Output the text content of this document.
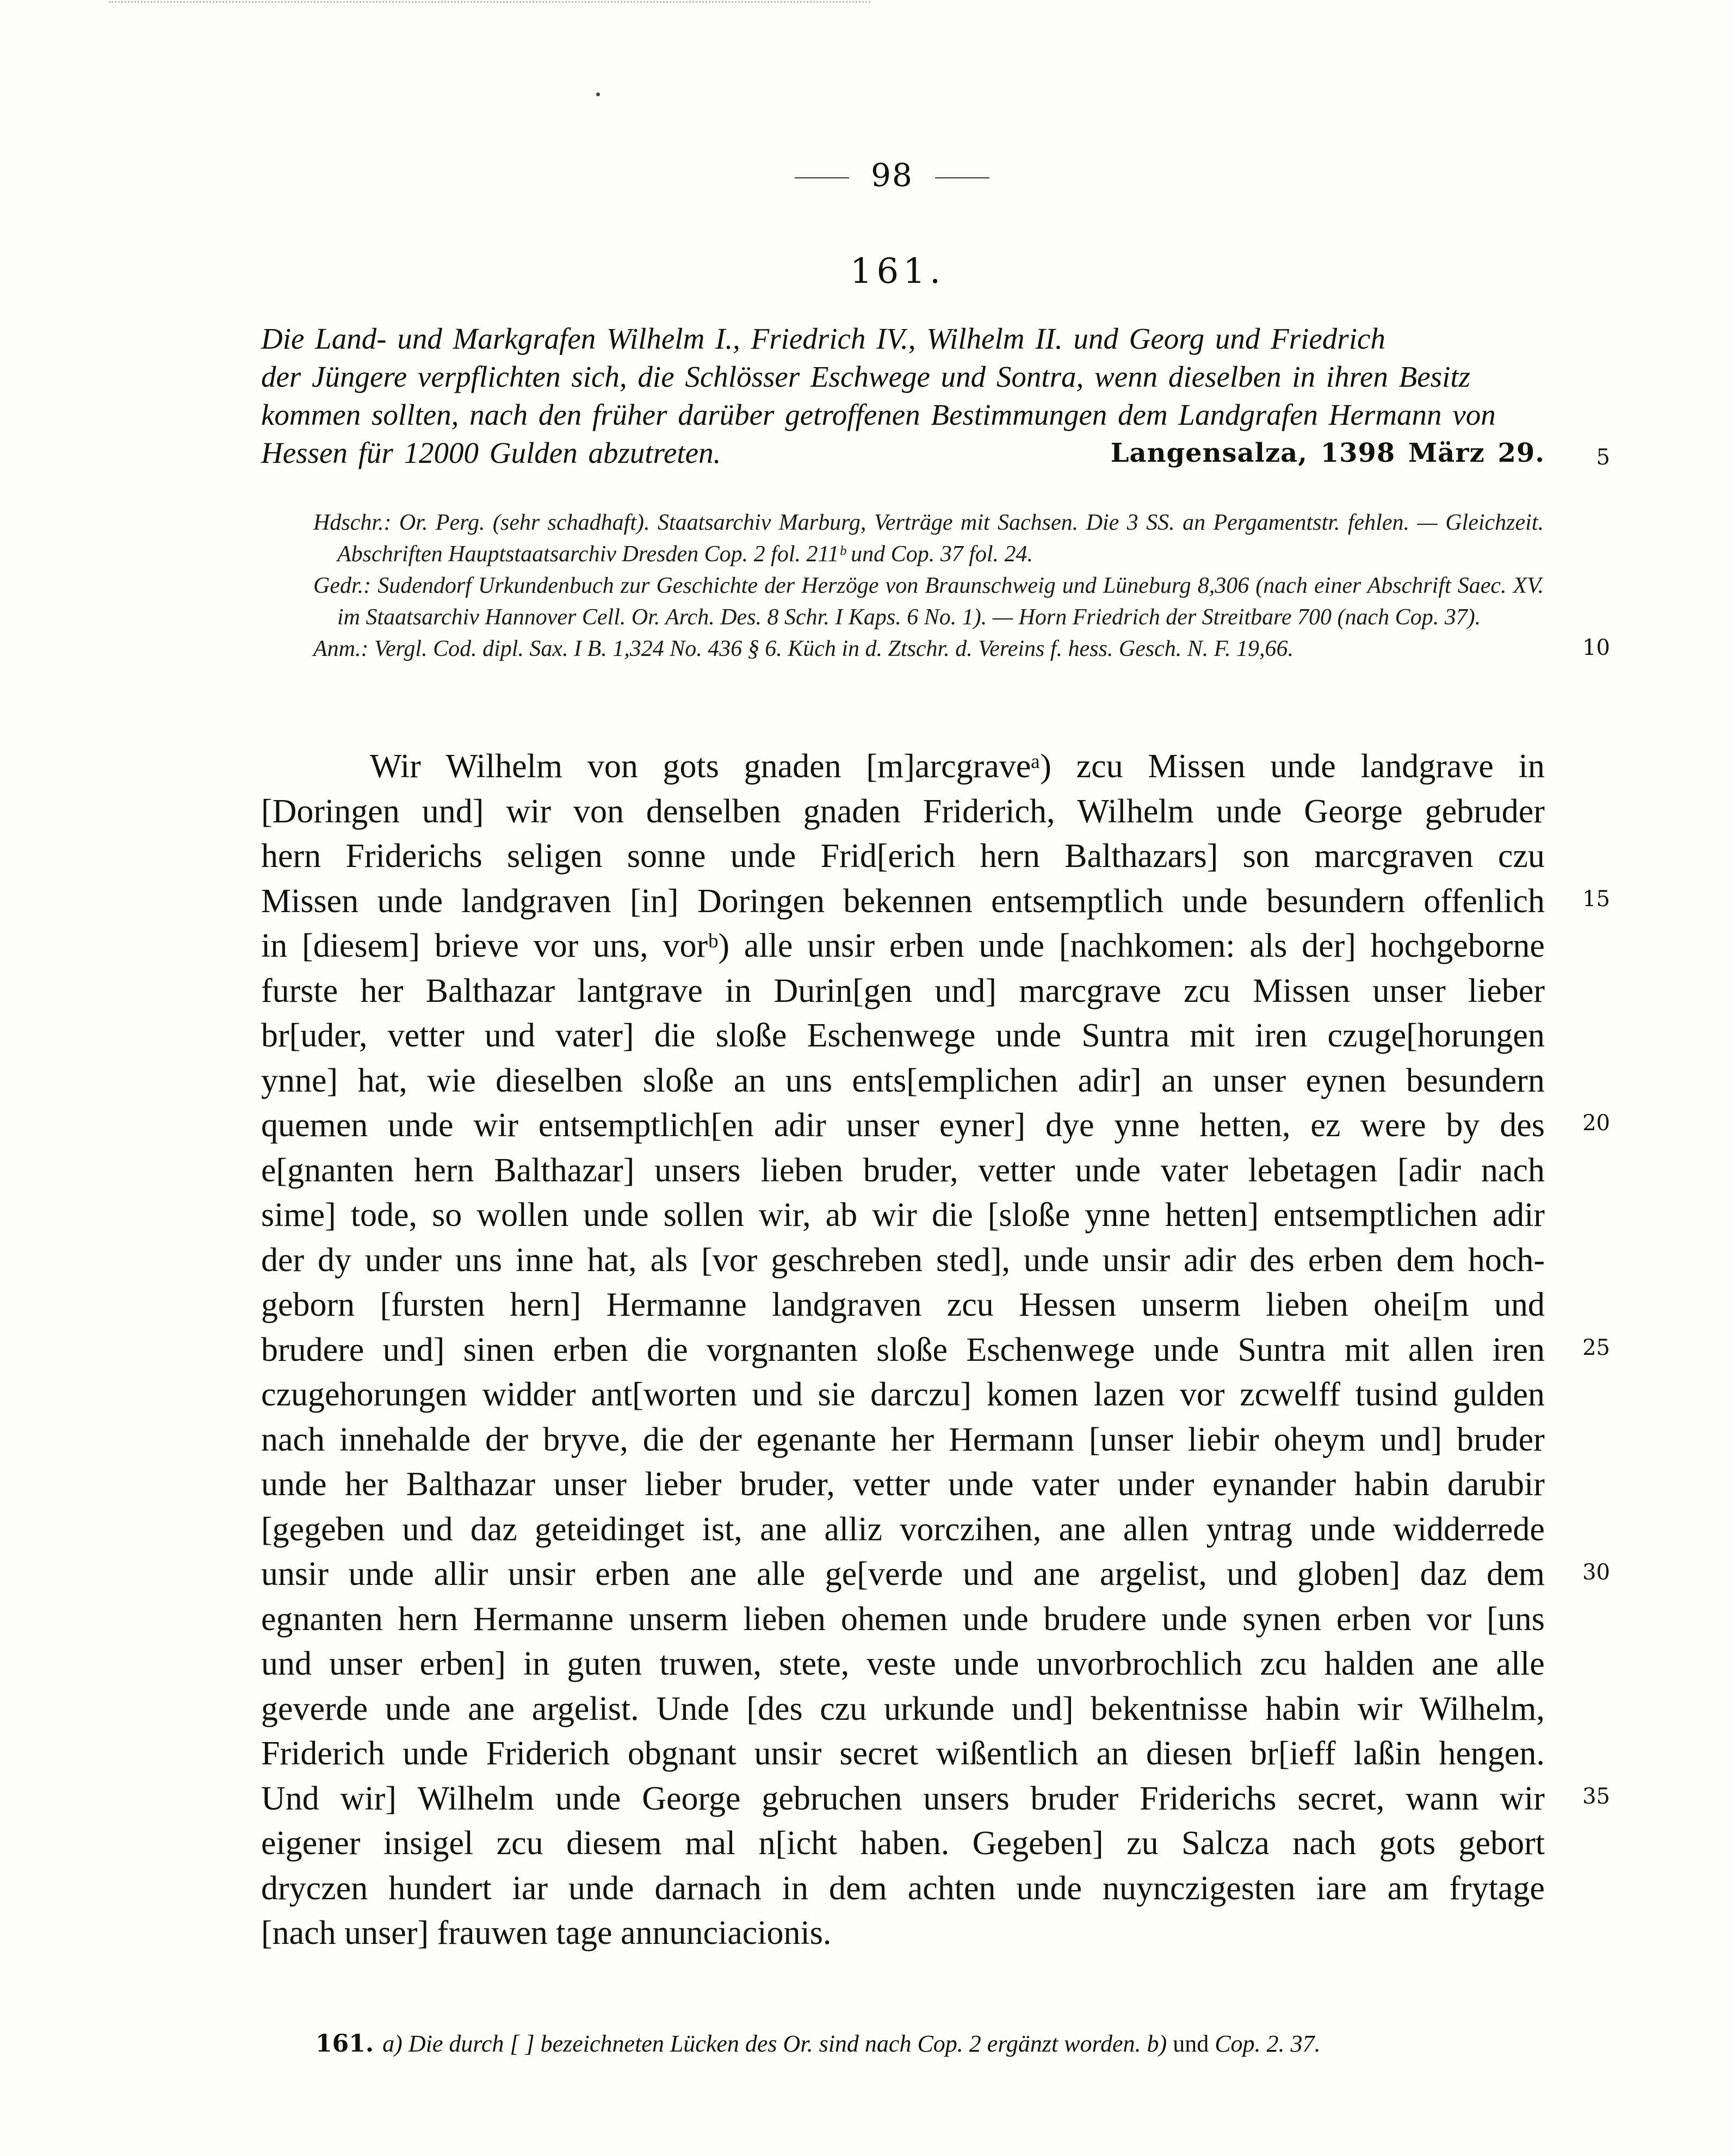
98
161.
Die Land- und Markgrafen Wilhelm I., Friedrich IV., Wilhelm II. und Georg und Friedrich
der Jüngere verpflichten sich, die Schlösser Eschwege und Sontra, wenn dieselben in ihren Besitz
kommen sollten, nach den früher darüber getroffenen Bestimmungen dem Landgrafen Hermann von
Hessen für 12000 Gulden abzutreten.	Langensalza, 1398 März 29.	5
Hdschr.: Or. Perg. (sehr schadhaft). Staatsarchiv Marburg, Verträge mit Sachsen. Die 3 SS. an Pergamentstr. fehlen. — Gleichzeit. Abschriften Hauptstaatsarchiv Dresden Cop. 2 fol. 211ᵇ und Cop. 37 fol. 24.
Gedr.: Sudendorf Urkundenbuch zur Geschichte der Herzöge von Braunschweig und Lüneburg 8,306 (nach einer Abschrift Saec. XV. im Staatsarchiv Hannover Cell. Or. Arch. Des. 8 Schr. I Kaps. 6 No. 1). — Horn Friedrich der Streitbare 700 (nach Cop. 37).
Anm.: Vergl. Cod. dipl. Sax. I B. 1,324 No. 436 § 6. Küch in d. Ztschr. d. Vereins f. hess. Gesch. N. F. 19,66.	10
Wir Wilhelm von gots gnaden [m]arcgraveᵃ) zcu Missen unde landgrave in
[Doringen und] wir von denselben gnaden Friderich, Wilhelm unde George gebruder
hern Friderichs seligen sonne unde Frid[erich hern Balthazars] son marcgraven czu
Missen unde landgraven [in] Doringen bekennen entsemptlich unde besundern offenlich
in [diesem] brieve vor uns, vorᵇ) alle unsir erben unde [nachkomen: als der] hochgeborne
furste her Balthazar lantgrave in Durin[gen und] marcgrave zcu Missen unser lieber
br[uder, vetter und vater] die sloße Eschenwege unde Suntra mit iren czuge[horungen
ynne] hat, wie dieselben sloße an uns ents[emplichen adir] an unser eynen besundern
quemen unde wir entsemptlich[en adir unser eyner] dye ynne hetten, ez were by des
e[gnanten hern Balthazar] unsers lieben bruder, vetter unde vater lebetagen [adir nach
sime] tode, so wollen unde sollen wir, ab wir die [sloße ynne hetten] entsemptlichen adir
der dy under uns inne hat, als [vor geschreben sted], unde unsir adir des erben dem hoch-
geborn [fursten hern] Hermanne landgraven zcu Hessen unserm lieben ohei[m und
brudere und] sinen erben die vorgnanten sloße Eschenwege unde Suntra mit allen iren
czugehorungen widder ant[worten und sie darczu] komen lazen vor zcwelff tusind gulden
nach innehalde der bryve, die der egenante her Hermann [unser liebir oheym und] bruder
unde her Balthazar unser lieber bruder, vetter unde vater under eynander habin darubir
[gegeben und daz geteidinget ist, ane alliz vorczihen, ane allen yntrag unde widderrede
unsir unde allir unsir erben ane alle ge[verde und ane argelist, und globen] daz dem
egnanten hern Hermanne unserm lieben ohemen unde brudere unde synen erben vor [uns
und unser erben] in guten truwen, stete, veste unde unvorbrochlich zcu halden ane alle
geverde unde ane argelist. Unde [des czu urkunde und] bekentnisse habin wir Wilhelm,
Friderich unde Friderich obgnant unsir secret wißentlich an diesen br[ieff laßin hengen.
Und wir] Wilhelm unde George gebruchen unsers bruder Friderichs secret, wann wir
eigener insigel zcu diesem mal n[icht haben. Gegeben] zu Salcza nach gots gebort
dryczen hundert iar unde darnach in dem achten unde nuynczigesten iare am frytage
[nach unser] frauwen tage annunciacionis.
15
20
25
30
35
161. a) Die durch [ ] bezeichneten Lücken des Or. sind nach Cop. 2 ergänzt worden. b) und Cop. 2. 37.
